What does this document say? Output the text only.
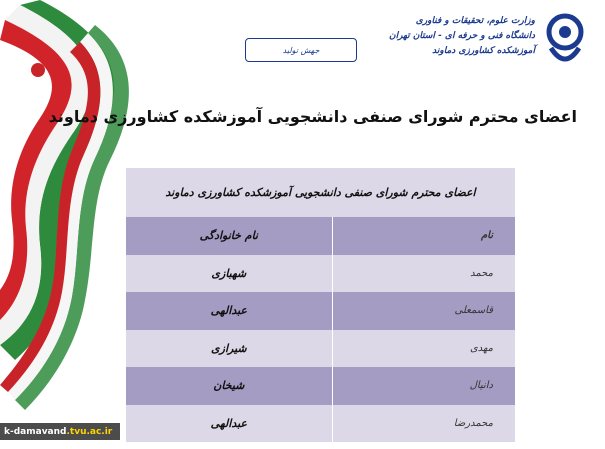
وزارت علوم، تحقیقات و فناوری
دانشگاه فنی و حرفه ای - استان تهران
آموزشکده کشاورزی دماوند
جهش تولید
اعضای محترم شورای صنفی دانشجویی آموزشکده کشاورزی دماوند
اعضای محترم شورای صنفی دانشجویی آموزشکده کشاورزی دماوند	
نام	نام خانوادگی
محمد	شهبازی
قاسمعلی	عبدالهی
مهدی	شیرازی
دانیال	شیخان
محمدرضا	عبدالهی
k-damavand .tvu.ac.ir
